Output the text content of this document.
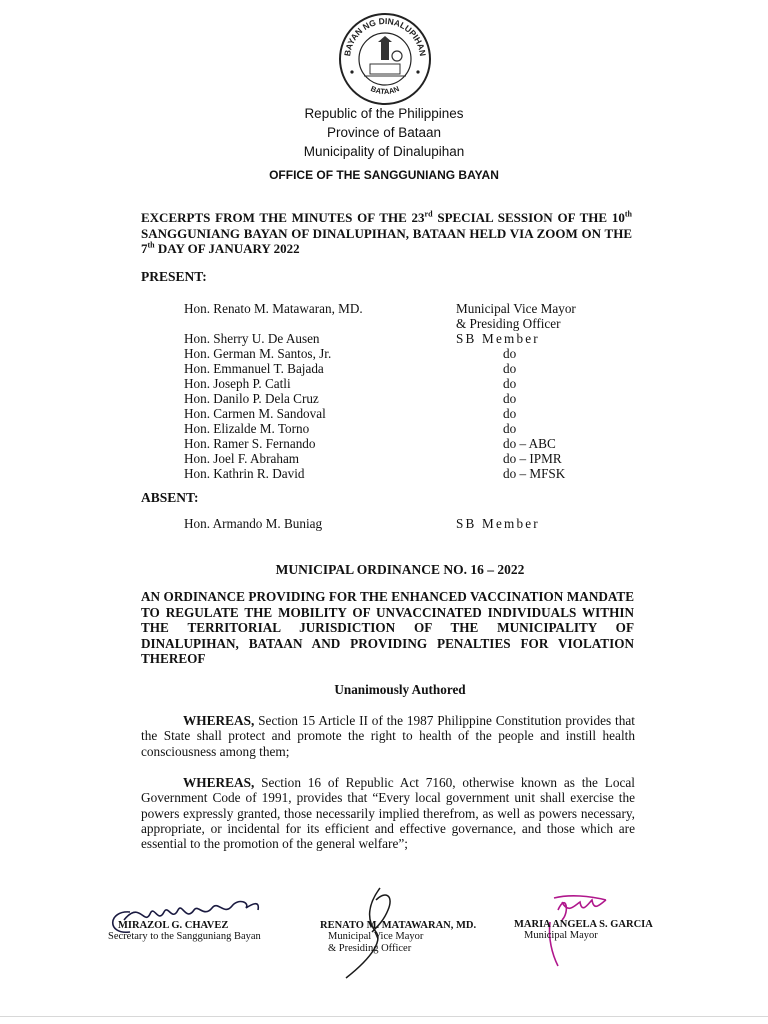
BAYAN NG DINALUPIHAN
BATAAN
Republic of the Philippines
Province of Bataan
Municipality of Dinalupihan
OFFICE OF THE SANGGUNIANG BAYAN
EXCERPTS FROM THE MINUTES OF THE 23rd SPECIAL SESSION OF THE 10th SANGGUNIANG BAYAN OF DINALUPIHAN, BATAAN HELD VIA ZOOM ON THE 7th DAY OF JANUARY 2022
PRESENT:
Hon. Renato M. Matawaran, MD.	Municipal Vice Mayor
& Presiding Officer
Hon. Sherry U. De Ausen	SB Member
Hon. German M. Santos, Jr.	do
Hon. Emmanuel T. Bajada	do
Hon. Joseph P. Catli	do
Hon. Danilo P. Dela Cruz	do
Hon. Carmen M. Sandoval	do
Hon. Elizalde M. Torno	do
Hon. Ramer S. Fernando	do – ABC
Hon. Joel F. Abraham	do – IPMR
Hon. Kathrin R. David	do – MFSK
ABSENT:
Hon. Armando M. Buniag	SB Member
MUNICIPAL ORDINANCE NO. 16 – 2022
AN ORDINANCE PROVIDING FOR THE ENHANCED VACCINATION MANDATE TO REGULATE THE MOBILITY OF UNVACCINATED INDIVIDUALS WITHIN THE TERRITORIAL JURISDICTION OF THE MUNICIPALITY OF DINALUPIHAN, BATAAN AND PROVIDING PENALTIES FOR VIOLATION THEREOF
Unanimously Authored
WHEREAS, Section 15 Article II of the 1987 Philippine Constitution provides that the State shall protect and promote the right to health of the people and instill health consciousness among them;
WHEREAS, Section 16 of Republic Act 7160, otherwise known as the Local Government Code of 1991, provides that “Every local government unit shall exercise the powers expressly granted, those necessarily implied therefrom, as well as powers necessary, appropriate, or incidental for its efficient and effective governance, and those which are essential to the promotion of the general welfare”;
MIRAZOL G. CHAVEZ
Secretary to the Sangguniang Bayan
RENATO M. MATAWARAN, MD.
Municipal Vice Mayor
& Presiding Officer
MARIA ANGELA S. GARCIA
Municipal Mayor
